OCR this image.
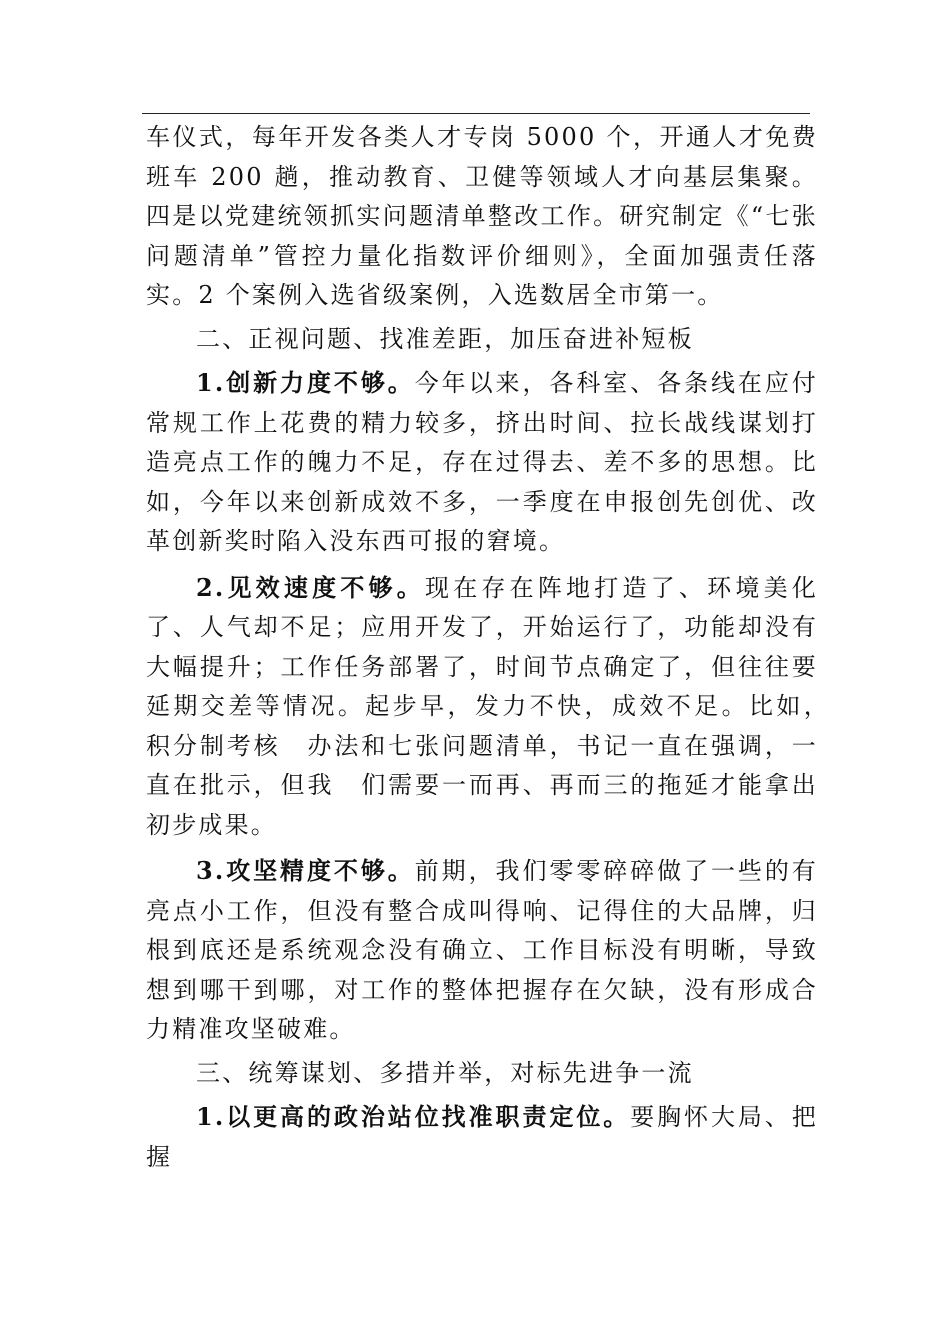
车仪式，每年开发各类人才专岗 5000 个，开通人才免费班车 200 趟，推动教育、卫健等领域人才向基层集聚。四是以党建统领抓实问题清单整改工作。研究制定《“七张问题清单”管控力量化指数评价细则》，全面加强责任落实。2 个案例入选省级案例，入选数居全市第一。

二、正视问题、找准差距，加压奋进补短板

1.创新力度不够。今年以来，各科室、各条线在应付常规工作上花费的精力较多，挤出时间、拉长战线谋划打造亮点工作的魄力不足，存在过得去、差不多的思想。比如，今年以来创新成效不多，一季度在申报创先创优、改革创新奖时陷入没东西可报的窘境。

2.见效速度不够。现在存在阵地打造了、环境美化了、人气却不足；应用开发了，开始运行了，功能却没有大幅提升；工作任务部署了，时间节点确定了，但往往要延期交差等情况。起步早，发力不快，成效不足。比如，　积分制考核　办法和七张问题清单，书记一直在强调，一直在批示，但我　们需要一而再、再而三的拖延才能拿出初步成果。

3.攻坚精度不够。前期，我们零零碎碎做了一些的有亮点小工作，但没有整合成叫得响、记得住的大品牌，归根到底还是系统观念没有确立、工作目标没有明晰，导致想到哪干到哪，对工作的整体把握存在欠缺，没有形成合力精准攻坚破难。

三、统筹谋划、多措并举，对标先进争一流

1.以更高的政治站位找准职责定位。要胸怀大局、把握
